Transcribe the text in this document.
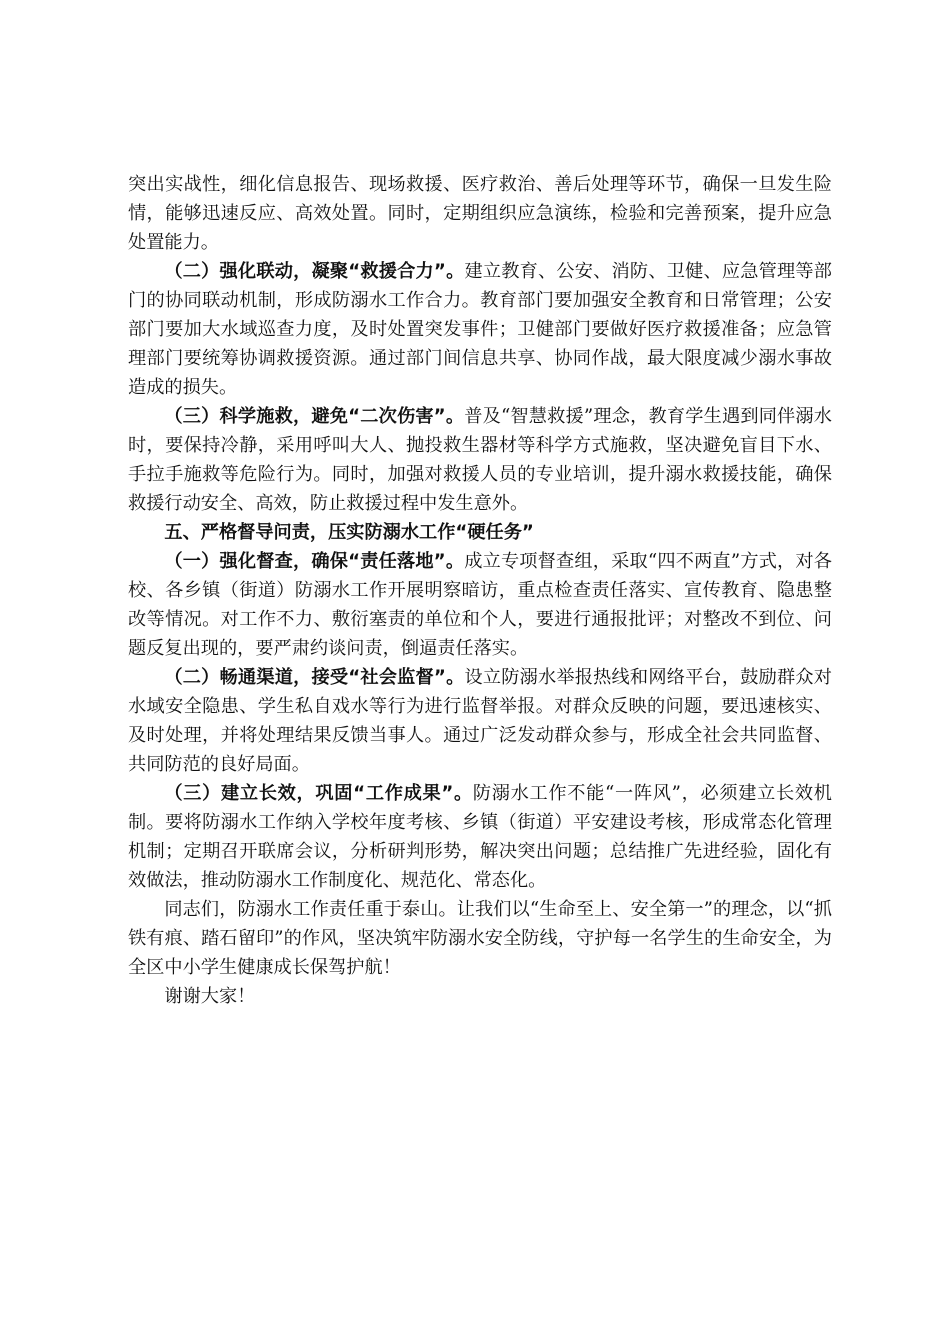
突出实战性，细化信息报告、现场救援、医疗救治、善后处理等环节，确保一旦发生险情，能够迅速反应、高效处置。同时，定期组织应急演练，检验和完善预案，提升应急处置能力。

（二）强化联动，凝聚“救援合力”。建立教育、公安、消防、卫健、应急管理等部门的协同联动机制，形成防溺水工作合力。教育部门要加强安全教育和日常管理；公安部门要加大水域巡查力度，及时处置突发事件；卫健部门要做好医疗救援准备；应急管理部门要统筹协调救援资源。通过部门间信息共享、协同作战，最大限度减少溺水事故造成的损失。

（三）科学施救，避免“二次伤害”。普及“智慧救援”理念，教育学生遇到同伴溺水时，要保持冷静，采用呼叫大人、抛投救生器材等科学方式施救，坚决避免盲目下水、手拉手施救等危险行为。同时，加强对救援人员的专业培训，提升溺水救援技能，确保救援行动安全、高效，防止救援过程中发生意外。

五、严格督导问责，压实防溺水工作“硬任务”

（一）强化督查，确保“责任落地”。成立专项督查组，采取“四不两直”方式，对各校、各乡镇（街道）防溺水工作开展明察暗访，重点检查责任落实、宣传教育、隐患整改等情况。对工作不力、敷衍塞责的单位和个人，要进行通报批评；对整改不到位、问题反复出现的，要严肃约谈问责，倒逼责任落实。

（二）畅通渠道，接受“社会监督”。设立防溺水举报热线和网络平台，鼓励群众对水域安全隐患、学生私自戏水等行为进行监督举报。对群众反映的问题，要迅速核实、及时处理，并将处理结果反馈当事人。通过广泛发动群众参与，形成全社会共同监督、共同防范的良好局面。

（三）建立长效，巩固“工作成果”。防溺水工作不能“一阵风”，必须建立长效机制。要将防溺水工作纳入学校年度考核、乡镇（街道）平安建设考核，形成常态化管理机制；定期召开联席会议，分析研判形势，解决突出问题；总结推广先进经验，固化有效做法，推动防溺水工作制度化、规范化、常态化。

同志们，防溺水工作责任重于泰山。让我们以“生命至上、安全第一”的理念，以“抓铁有痕、踏石留印”的作风，坚决筑牢防溺水安全防线，守护每一名学生的生命安全，为全区中小学生健康成长保驾护航！

谢谢大家！
